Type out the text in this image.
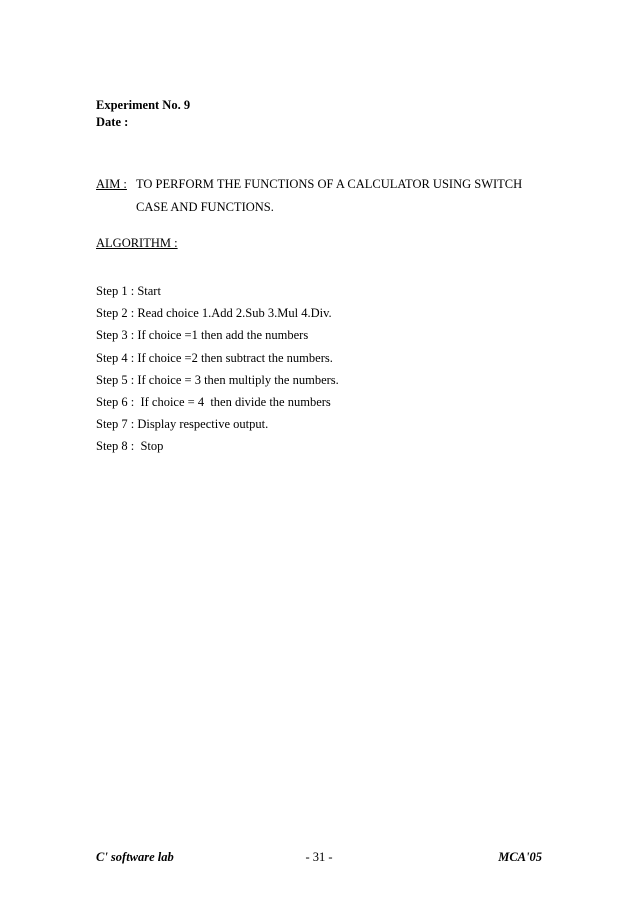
Experiment No. 9
Date :
AIM : TO PERFORM THE FUNCTIONS OF A CALCULATOR USING SWITCH
CASE AND FUNCTIONS.
ALGORITHM :
Step 1 : Start
Step 2 : Read choice 1.Add 2.Sub 3.Mul 4.Div.
Step 3 : If choice =1 then add the numbers
Step 4 : If choice =2 then subtract the numbers.
Step 5 : If choice = 3 then multiply the numbers.
Step 6 :  If choice = 4  then divide the numbers
Step 7 : Display respective output.
Step 8 :  Stop
C' software lab	- 31 -	MCA'05
